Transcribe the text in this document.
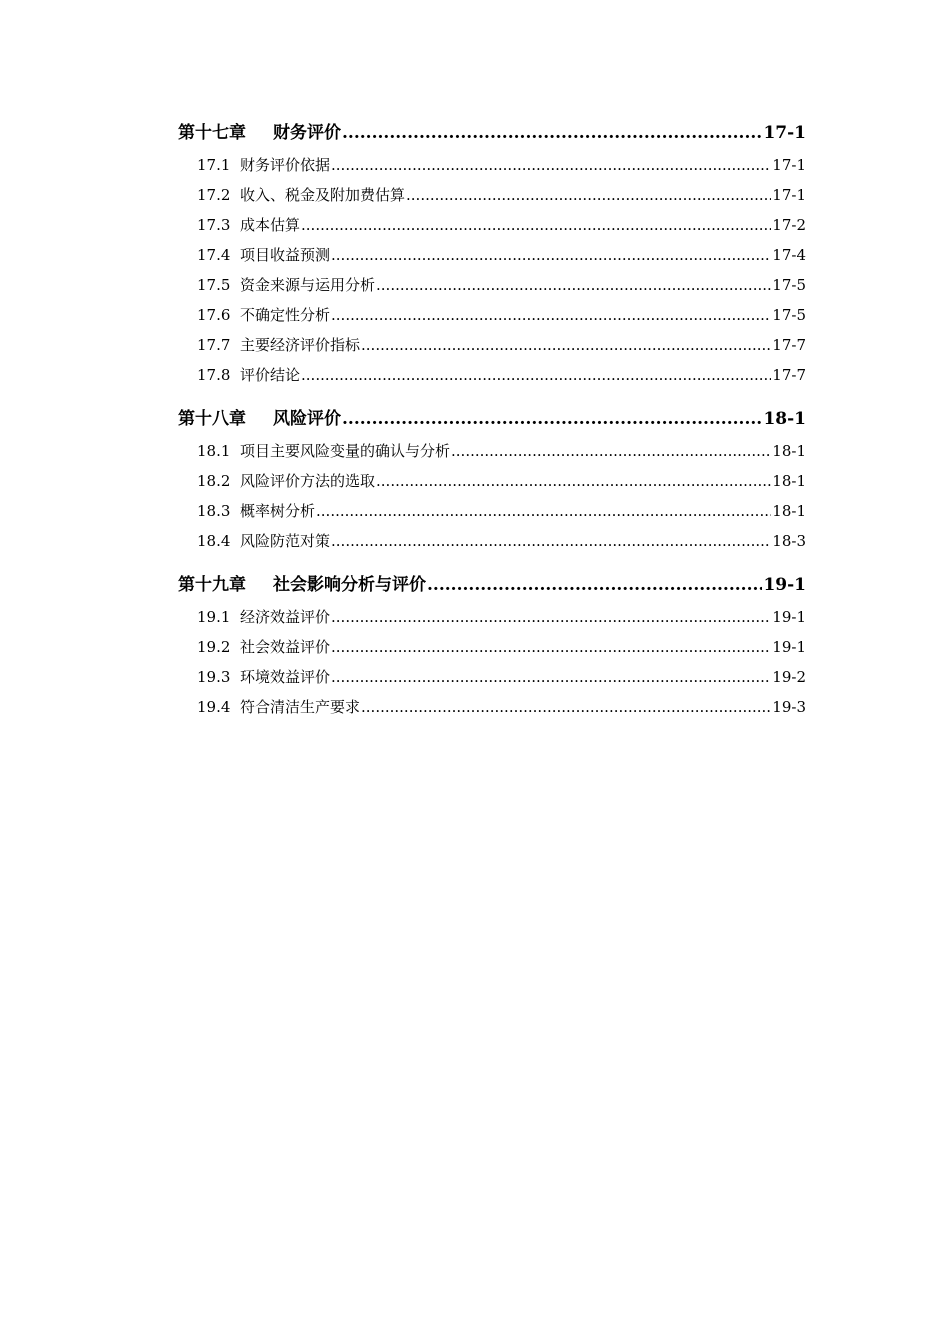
第十七章	财务评价 .....	17-1
17.1 财务评价依据 .....	17-1
17.2 收入、税金及附加费估算 .....	17-1
17.3 成本估算 .....	17-2
17.4 项目收益预测 .....	17-4
17.5 资金来源与运用分析 .....	17-5
17.6 不确定性分析 .....	17-5
17.7 主要经济评价指标 .....	17-7
17.8 评价结论 .....	17-7
第十八章	风险评价 .....	18-1
18.1 项目主要风险变量的确认与分析 .....	18-1
18.2 风险评价方法的选取 .....	18-1
18.3 概率树分析 .....	18-1
18.4 风险防范对策 .....	18-3
第十九章	社会影响分析与评价 .....	19-1
19.1 经济效益评价 .....	19-1
19.2 社会效益评价 .....	19-1
19.3 环境效益评价 .....	19-2
19.4 符合清洁生产要求 .....	19-3
